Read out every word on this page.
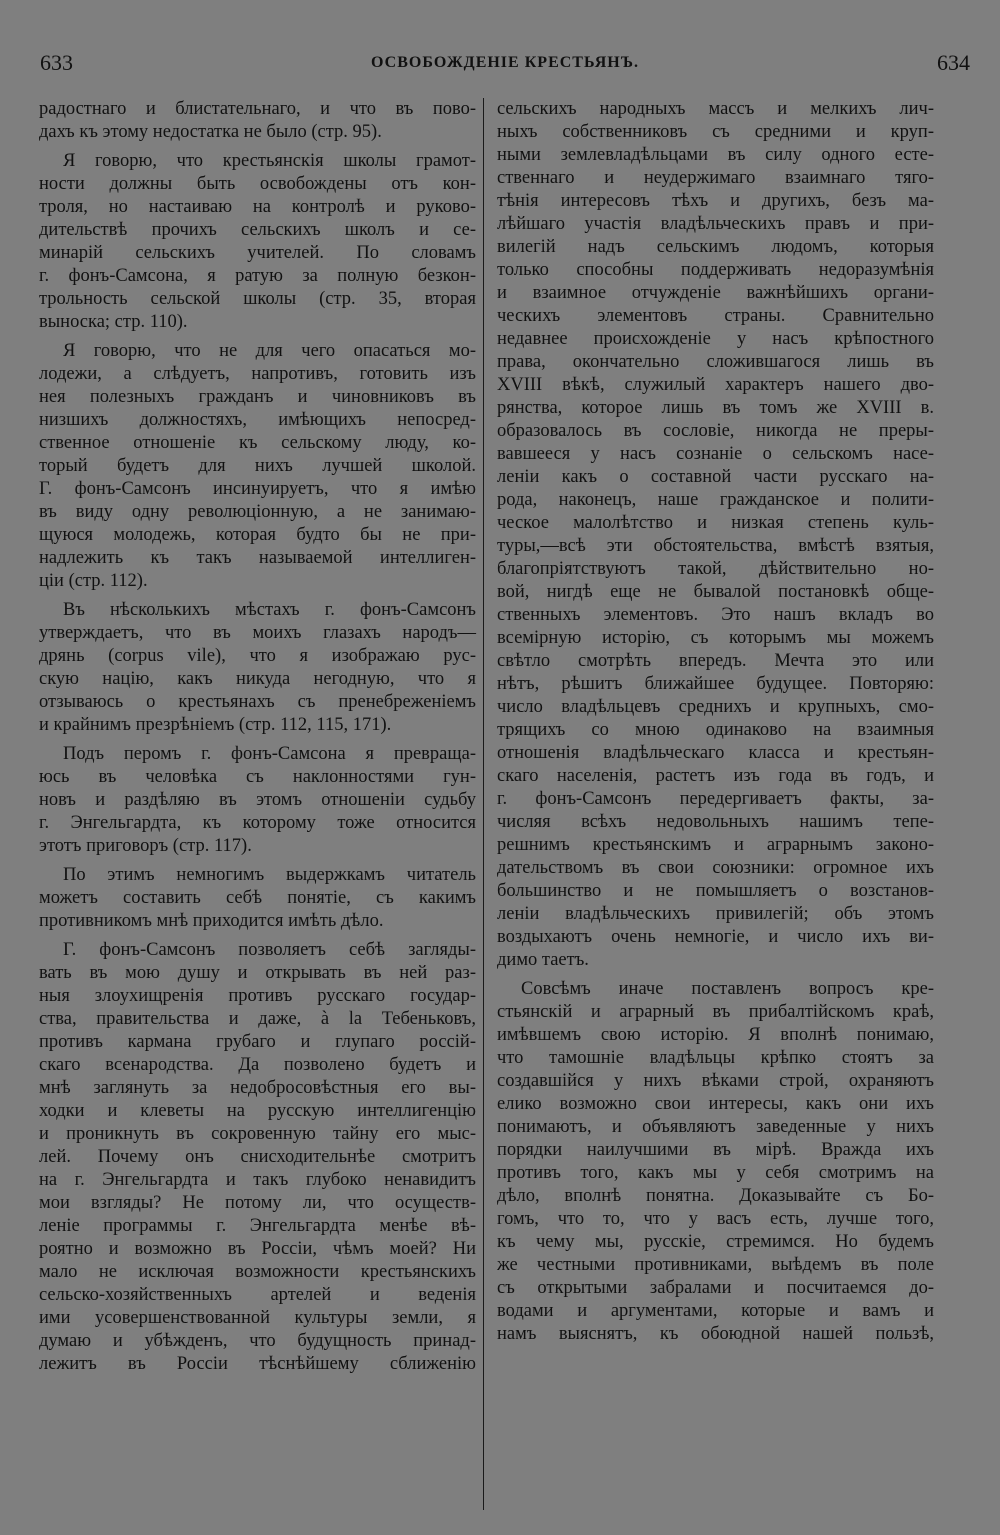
633	ОСВОБОЖДЕНІЕ КРЕСТЬЯНЪ.	634

радостнаго и блистательнаго, и что въ пово-

дахъ къ этому недостатка не было (стр. 95).

Я говорю, что крестьянскія школы грамот-

ности должны быть освобождены отъ кон-

троля, но настаиваю на контролѣ и руково-

дительствѣ прочихъ сельскихъ школъ и се-

минарій сельскихъ учителей. По словамъ

г. фонъ-Самсона, я ратую за полную безкон-

трольность сельской школы (стр. 35, вторая

выноска; стр. 110).

Я говорю, что не для чего опасаться мо-

лодежи, а слѣдуетъ, напротивъ, готовить изъ

нея полезныхъ гражданъ и чиновниковъ въ

низшихъ должностяхъ, имѣющихъ непосред-

ственное отношеніе къ сельскому люду, ко-

торый будетъ для нихъ лучшей школой.

Г. фонъ-Самсонъ инсинуируетъ, что я имѣю

въ виду одну революціонную, а не занимаю-

щуюся молодежь, которая будто бы не при-

надлежить къ такъ называемой интеллиген-

ціи (стр. 112).

Въ нѣсколькихъ мѣстахъ г. фонъ-Самсонъ

утверждаетъ, что въ моихъ глазахъ народъ—

дрянь (corpus vile), что я изображаю рус-

скую націю, какъ никуда негодную, что я

отзываюсь о крестьянахъ съ пренебреженіемъ

и крайнимъ презрѣніемъ (стр. 112, 115, 171).

Подъ перомъ г. фонъ-Самсона я превраща-

юсь въ человѣка съ наклонностями гун-

новъ и раздѣляю въ этомъ отношеніи судьбу

г. Энгельгардта, къ которому тоже относится

этотъ приговоръ (стр. 117).

По этимъ немногимъ выдержкамъ читатель

можетъ составить себѣ понятіе, съ какимъ

противникомъ мнѣ приходится имѣть дѣло.

Г. фонъ-Самсонъ позволяетъ себѣ загляды-

вать въ мою душу и открывать въ ней раз-

ныя злоухищренія противъ русскаго государ-

ства, правительства и даже, à la Тебеньковъ,

противъ кармана грубаго и глупаго россій-

скаго всенародства. Да позволено будетъ и

мнѣ заглянуть за недобросовѣстныя его вы-

ходки и клеветы на русскую интеллигенцію

и проникнуть въ сокровенную тайну его мыс-

лей. Почему онъ снисходительнѣе смотритъ

на г. Энгельгардта и такъ глубоко ненавидитъ

мои взгляды? Не потому ли, что осуществ-

леніе программы г. Энгельгардта менѣе вѣ-

роятно и возможно въ Россіи, чѣмъ моей? Ни

мало не исключая возможности крестьянскихъ

сельско-хозяйственныхъ артелей и веденія

ими усовершенствованной культуры земли, я

думаю и убѣжденъ, что будущность принад-

лежитъ въ Россіи тѣснѣйшему сближенію

сельскихъ народныхъ массъ и мелкихъ лич-

ныхъ собственниковъ съ средними и круп-

ными землевладѣльцами въ силу одного есте-

ственнаго и неудержимаго взаимнаго тяго-

тѣнія интересовъ тѣхъ и другихъ, безъ ма-

лѣйшаго участія владѣльческихъ правъ и при-

вилегій надъ сельскимъ людомъ, которыя

только способны поддерживать недоразумѣнія

и взаимное отчужденіе важнѣйшихъ органи-

ческихъ элементовъ страны. Сравнительно

недавнее происхожденіе у насъ крѣпостного

права, окончательно сложившагося лишь въ

XVIII вѣкѣ, служилый характеръ нашего дво-

рянства, которое лишь въ томъ же XVIII в.

образовалось въ сословіе, никогда не преры-

вавшееся у насъ сознаніе о сельскомъ насе-

леніи какъ о составной части русскаго на-

рода, наконецъ, наше гражданское и полити-

ческое малолѣтство и низкая степень куль-

туры,—всѣ эти обстоятельства, вмѣстѣ взятыя,

благопріятствуютъ такой, дѣйствительно но-

вой, нигдѣ еще не бывалой постановкѣ обще-

ственныхъ элементовъ. Это нашъ вкладъ во

всемірную исторію, съ которымъ мы можемъ

свѣтло смотрѣть впередъ. Мечта это или

нѣтъ, рѣшитъ ближайшее будущее. Повторяю:

число владѣльцевъ среднихъ и крупныхъ, смо-

трящихъ со мною одинаково на взаимныя

отношенія владѣльческаго класса и крестьян-

скаго населенія, растетъ изъ года въ годъ, и

г. фонъ-Самсонъ передергиваетъ факты, за-

числяя всѣхъ недовольныхъ нашимъ тепе-

решнимъ крестьянскимъ и аграрнымъ законо-

дательствомъ въ свои союзники: огромное ихъ

большинство и не помышляетъ о возстанов-

леніи владѣльческихъ привилегій; объ этомъ

воздыхаютъ очень немногіе, и число ихъ ви-

димо таетъ.

Совсѣмъ иначе поставленъ вопросъ кре-

стьянскій и аграрный въ прибалтійскомъ краѣ,

имѣвшемъ свою исторію. Я вполнѣ понимаю,

что тамошніе владѣльцы крѣпко стоятъ за

создавшійся у нихъ вѣками строй, охраняютъ

елико возможно свои интересы, какъ они ихъ

понимаютъ, и объявляютъ заведенные у нихъ

порядки наилучшими въ мірѣ. Вражда ихъ

противъ того, какъ мы у себя смотримъ на

дѣло, вполнѣ понятна. Доказывайте съ Бо-

гомъ, что то, что у васъ есть, лучше того,

къ чему мы, русскіе, стремимся. Но будемъ

же честными противниками, выѣдемъ въ поле

съ открытыми забралами и посчитаемся до-

водами и аргументами, которые и вамъ и

намъ выяснятъ, къ обоюдной нашей пользѣ,
